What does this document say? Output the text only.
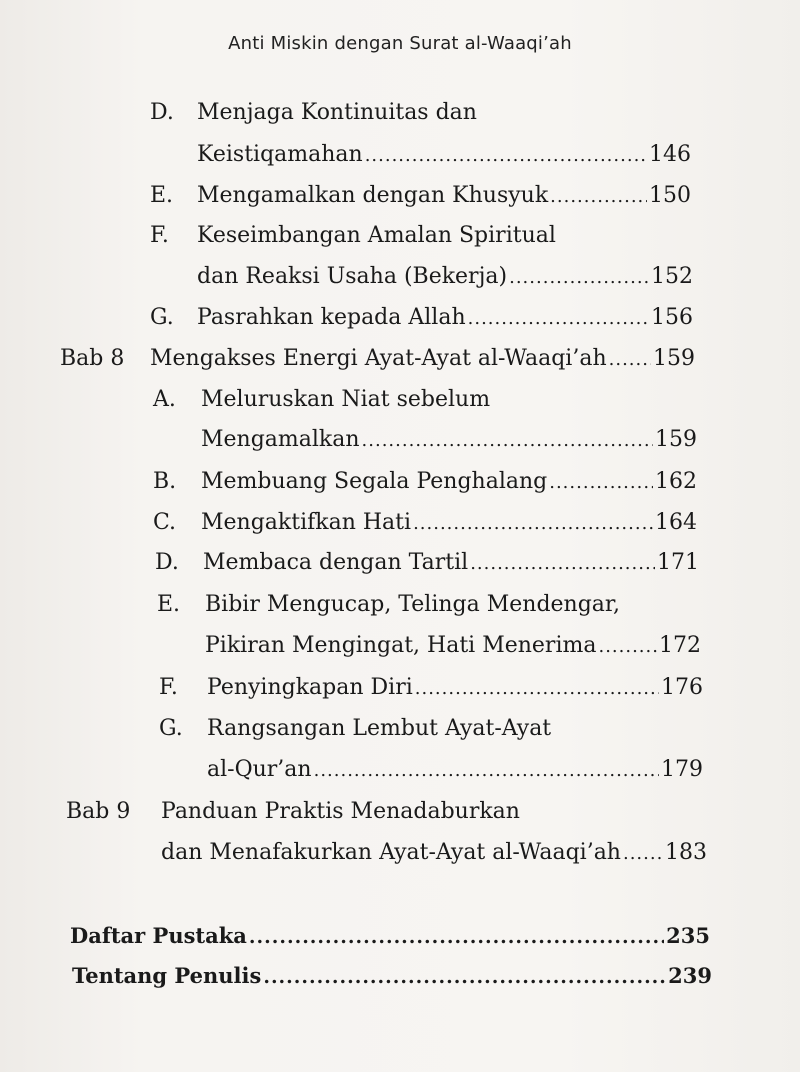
Anti Miskin dengan Surat al-Waaqi’ah
D. Menjaga Kontinuitas dan
Keistiqamahan .....	146
E. Mengamalkan dengan Khusyuk .....	150
F. Keseimbangan Amalan Spiritual
dan Reaksi Usaha (Bekerja) .....	152
G. Pasrahkan kepada Allah .....	156
Bab 8 Mengakses Energi Ayat-Ayat al-Waaqi’ah ..... 159
A. Meluruskan Niat sebelum
Mengamalkan .....	159
B. Membuang Segala Penghalang .....	162
C. Mengaktifkan Hati .....	164
D. Membaca dengan Tartil .....	171
E. Bibir Mengucap, Telinga Mendengar,
Pikiran Mengingat, Hati Menerima .....	172
F. Penyingkapan Diri .....	176
G. Rangsangan Lembut Ayat-Ayat
al-Qur’an .....	179
Bab 9 Panduan Praktis Menadaburkan
dan Menafakurkan Ayat-Ayat al-Waaqi’ah ..... 183
Daftar Pustaka .....	235
Tentang Penulis .....	239
